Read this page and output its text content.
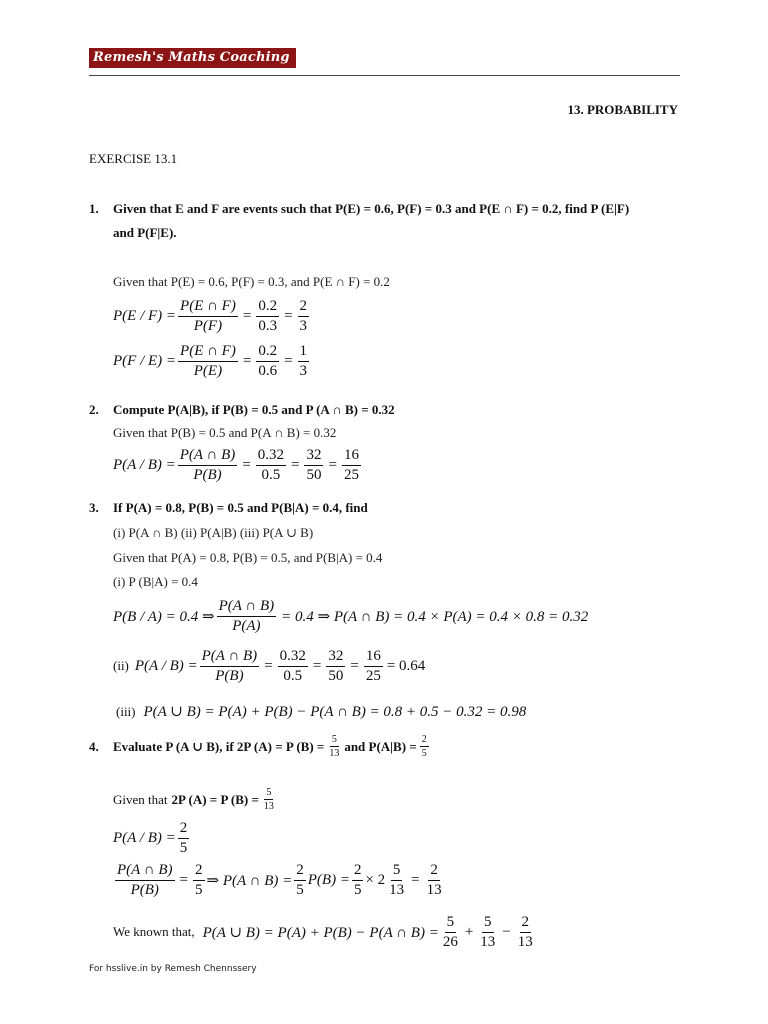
Remesh's Maths Coaching
13. PROBABILITY
EXERCISE 13.1
1. Given that E and F are events such that P(E) = 0.6, P(F) = 0.3 and P(E ∩ F) = 0.2, find P (E|F)
and P(F|E).
Given that P(E) = 0.6, P(F) = 0.3, and P(E ∩ F) = 0.2
$P(E / F) = \frac{P(E \cap F)}{P(F)} = \frac{0.2}{0.3} = \frac{2}{3}$
$P(F / E) = \frac{P(E \cap F)}{P(E)} = \frac{0.2}{0.6} = \frac{1}{3}$
2. Compute P(A|B), if P(B) = 0.5 and P (A ∩ B) = 0.32
Given that P(B) = 0.5 and P(A ∩ B) = 0.32
$P(A / B) = \frac{P(A \cap B)}{P(B)} = \frac{0.32}{0.5} = \frac{32}{50} = \frac{16}{25}$
3. If P(A) = 0.8, P(B) = 0.5 and P(B|A) = 0.4, find
(i) P(A ∩ B) (ii) P(A|B) (iii) P(A ∪ B)
Given that P(A) = 0.8, P(B) = 0.5, and P(B|A) = 0.4
(i) P (B|A) = 0.4
P(B / A) = 0.4 ⇒ $\frac{P(A \cap B)}{P(A)} = 0.4$ ⇒ P(A ∩ B) = 0.4 × P(A) = 0.4 × 0.8 = 0.32
(ii) $P(A / B) = \frac{P(A \cap B)}{P(B)} = \frac{0.32}{0.5} = \frac{32}{50} = \frac{16}{25} = 0.64$
(iii) P(A ∪ B) = P(A) + P(B) − P(A ∩ B) = 0.8 + 0.5 − 0.32 = 0.98
4.	Evaluate P (A ∪ B), if 2P (A) = P $(B) = \frac{5}{13}$ and $P(A|B) = \frac{2}{5}$
Given that 2P (A) = P $(B) = \frac{5}{13}$
$P(A / B) = \frac{2}{5}$
$\frac{P(A \cap B)}{P(B)} = \frac{2}{5}$ ⇒ P(A ∩ $B) = \frac{2}{5} P(B) = \frac{2}{5} \times 2 \frac{5}{13} = \frac{2}{13}$
We known that, P(A ∪ B) = P(A) + P(B) − P(A ∩ $B) = \frac{5}{26} + \frac{5}{13} - \frac{2}{13}$
For hsslive.in by Remesh Chennssery
